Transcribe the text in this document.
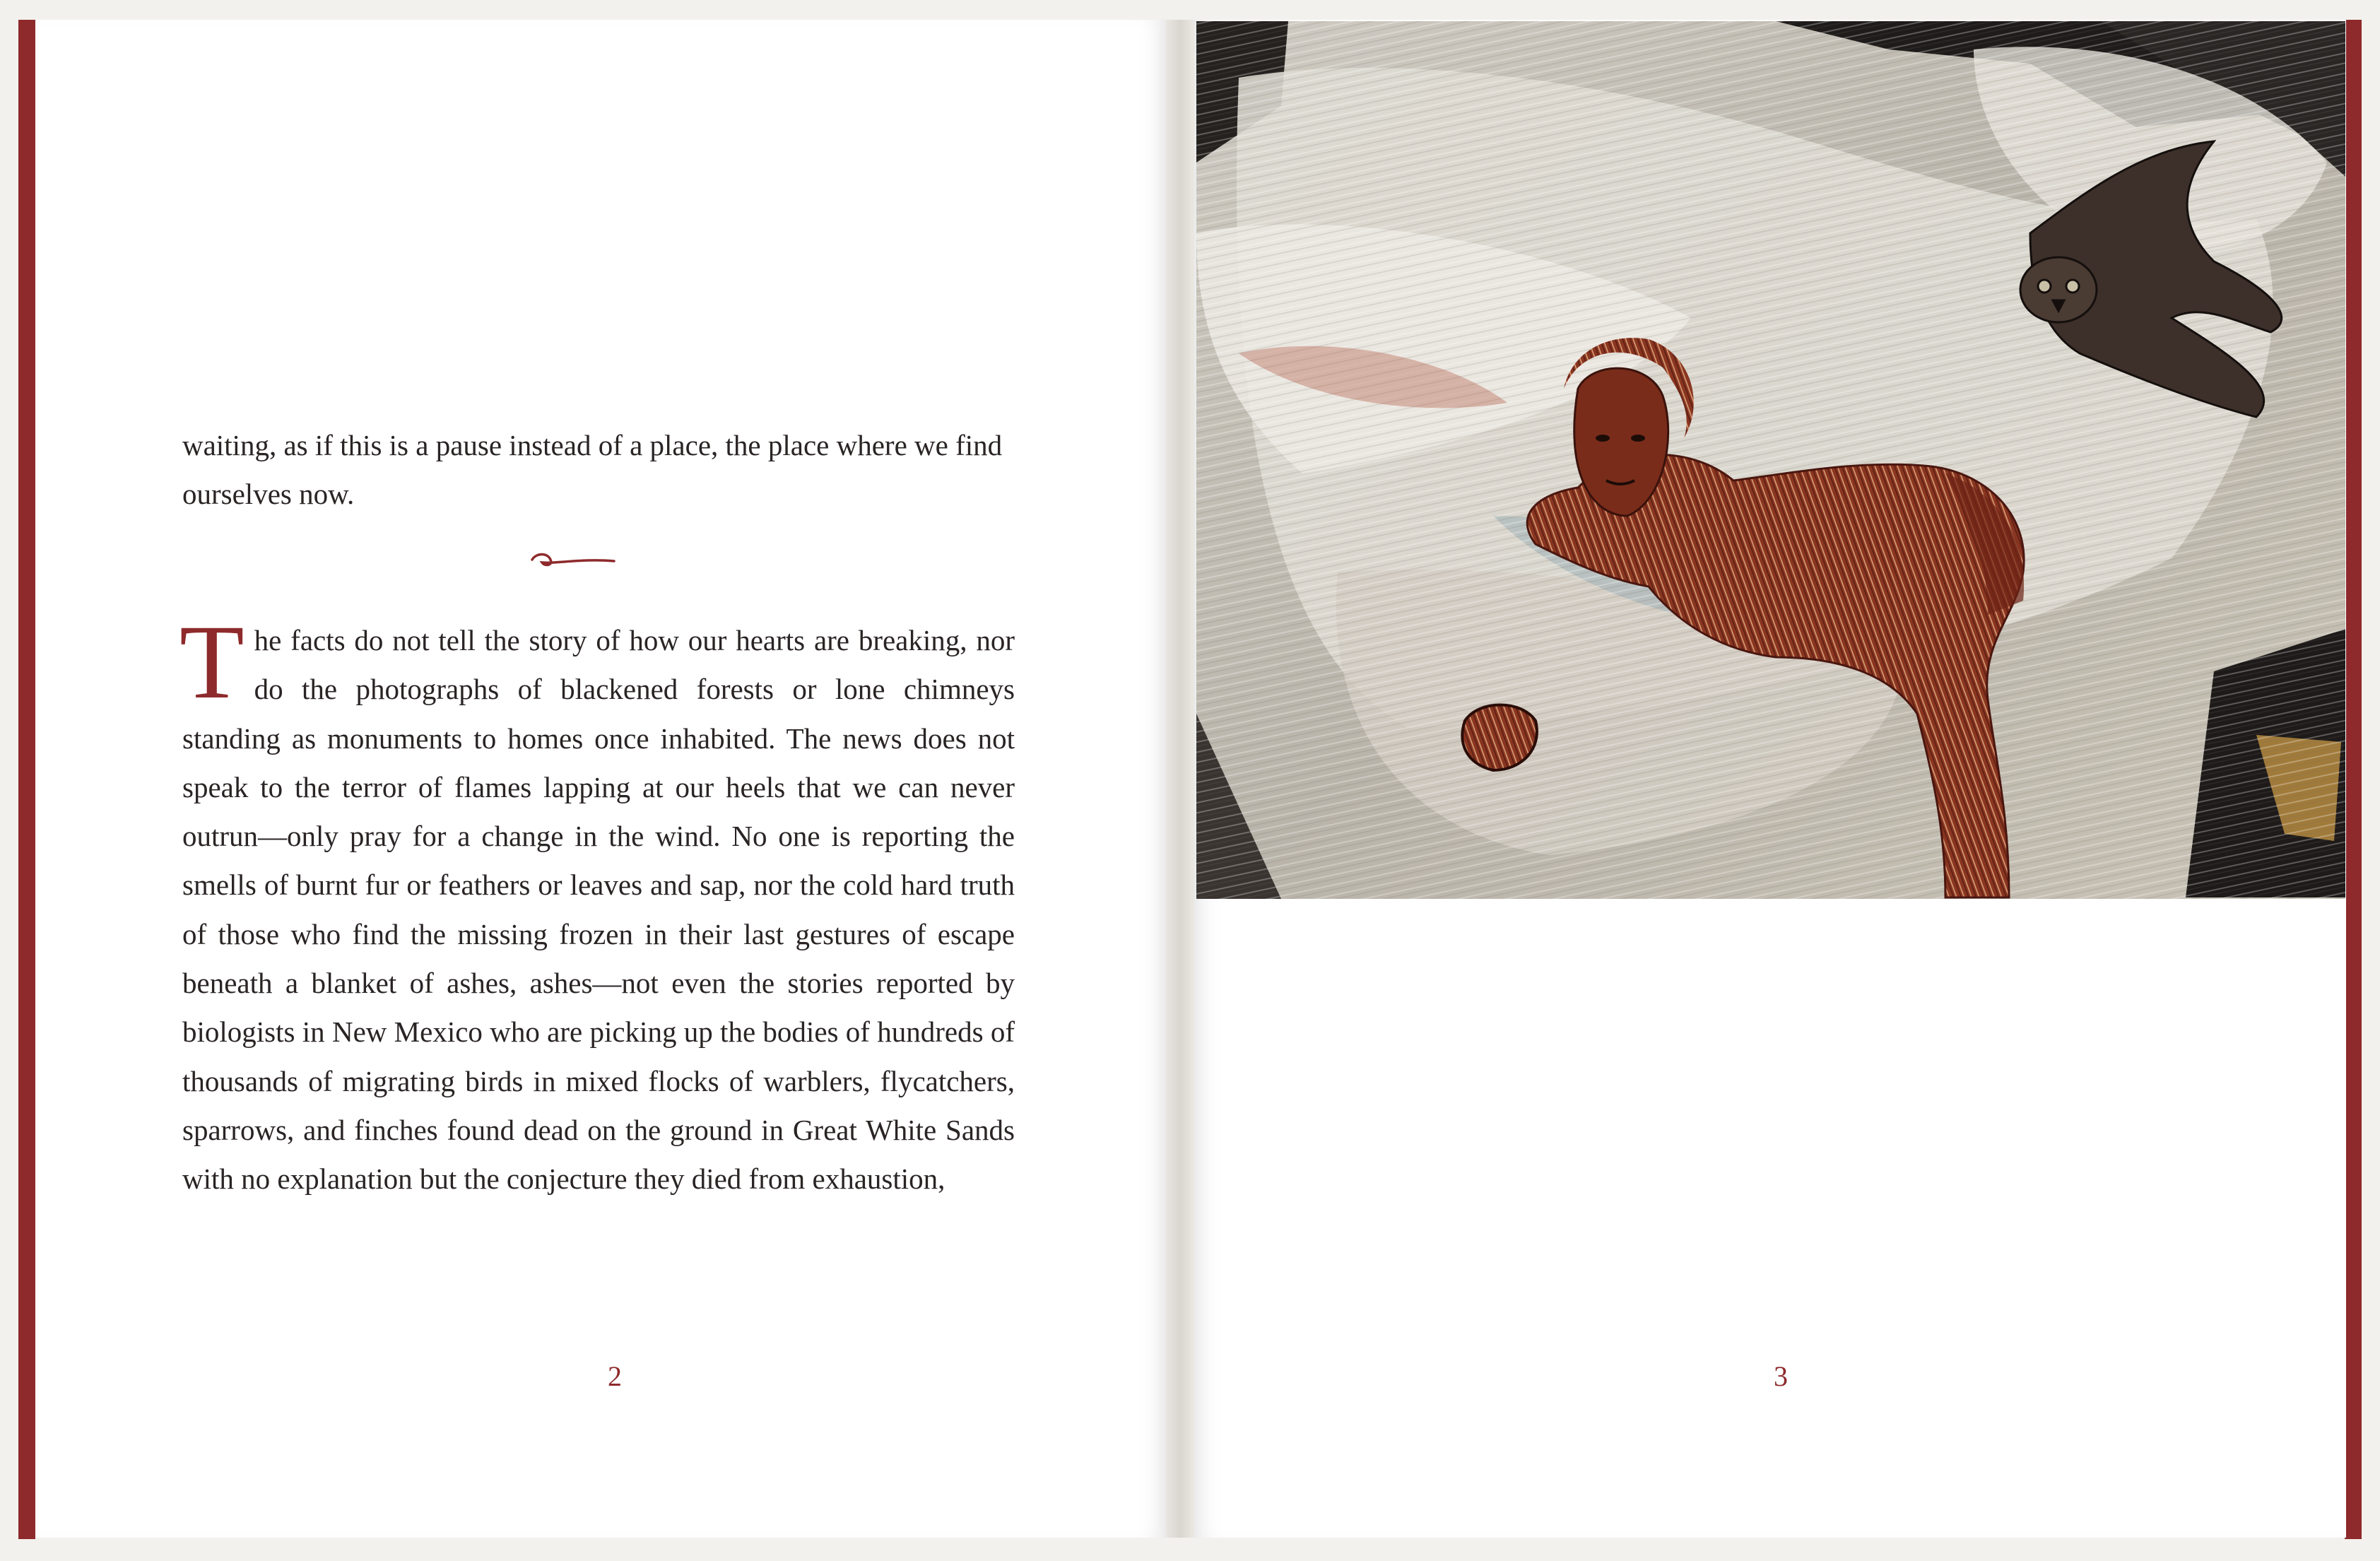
waiting, as if this is a pause instead of a place, the place where we find ourselves now.

T he facts do not tell the story of how our hearts are breaking, nor do the photographs of blackened forests or lone chimneys standing as monuments to homes once inhabited. The news does not speak to the terror of flames lapping at our heels that we can never outrun—only pray for a change in the wind. No one is reporting the smells of burnt fur or feathers or leaves and sap, nor the cold hard truth of those who find the missing frozen in their last gestures of escape beneath a blanket of ashes, ashes—not even the stories reported by biologists in New Mexico who are picking up the bodies of hundreds of thousands of migrating birds in mixed flocks of warblers, flycatchers, sparrows, and finches found dead on the ground in Great White Sands with no explanation but the conjecture they died from exhaustion,
2	3
